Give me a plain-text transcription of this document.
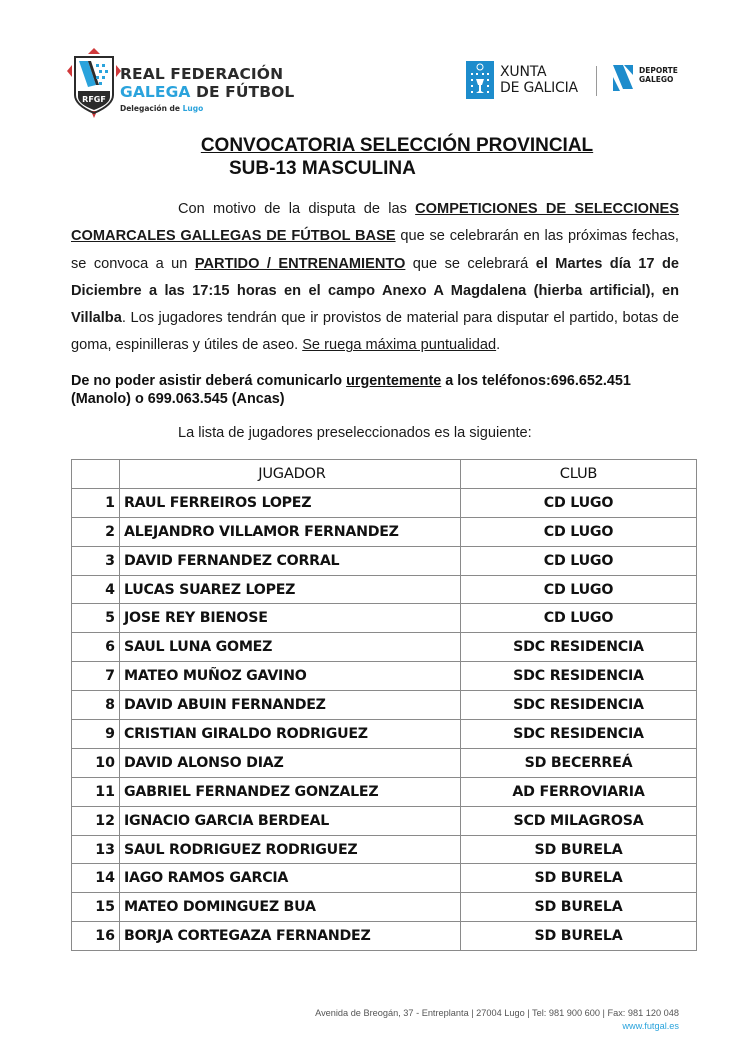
RFGF
REAL FEDERACIÓN
GALEGA DE FÚTBOL
Delegación de Lugo
XUNTA
DE GALICIA
DEPORTE
GALEGO
CONVOCATORIA SELECCIÓN PROVINCIAL
SUB-13 MASCULINA
Con motivo de la disputa de las COMPETICIONES DE SELECCIONES COMARCALES GALLEGAS DE FÚTBOL BASE que se celebrarán en las próximas fechas, se convoca a un PARTIDO / ENTRENAMIENTO que se celebrará el Martes día 17 de Diciembre a las 17:15 horas en el campo Anexo A Magdalena (hierba artificial), en Villalba. Los jugadores tendrán que ir provistos de material para disputar el partido, botas de goma, espinilleras y útiles de aseo. Se ruega máxima puntualidad.
De no poder asistir deberá comunicarlo urgentemente a los teléfonos:696.652.451 (Manolo) o 699.063.545 (Ancas)
La lista de jugadores preseleccionados es la siguiente:
	JUGADOR	CLUB
1	RAUL FERREIROS LOPEZ	CD LUGO
2	ALEJANDRO VILLAMOR FERNANDEZ	CD LUGO
3	DAVID FERNANDEZ CORRAL	CD LUGO
4	LUCAS SUAREZ LOPEZ	CD LUGO
5	JOSE REY BIENOSE	CD LUGO
6	SAUL LUNA GOMEZ	SDC RESIDENCIA
7	MATEO MUÑOZ GAVINO	SDC RESIDENCIA
8	DAVID ABUIN FERNANDEZ	SDC RESIDENCIA
9	CRISTIAN GIRALDO RODRIGUEZ	SDC RESIDENCIA
10	DAVID ALONSO DIAZ	SD BECERREÁ
11	GABRIEL FERNANDEZ GONZALEZ	AD FERROVIARIA
12	IGNACIO GARCIA BERDEAL	SCD MILAGROSA
13	SAUL RODRIGUEZ RODRIGUEZ	SD BURELA
14	IAGO RAMOS GARCIA	SD BURELA
15	MATEO DOMINGUEZ BUA	SD BURELA
16	BORJA CORTEGAZA FERNANDEZ	SD BURELA
Avenida de Breogán, 37 - Entreplanta | 27004 Lugo | Tel: 981 900 600 | Fax: 981 120 048
www.futgal.es
